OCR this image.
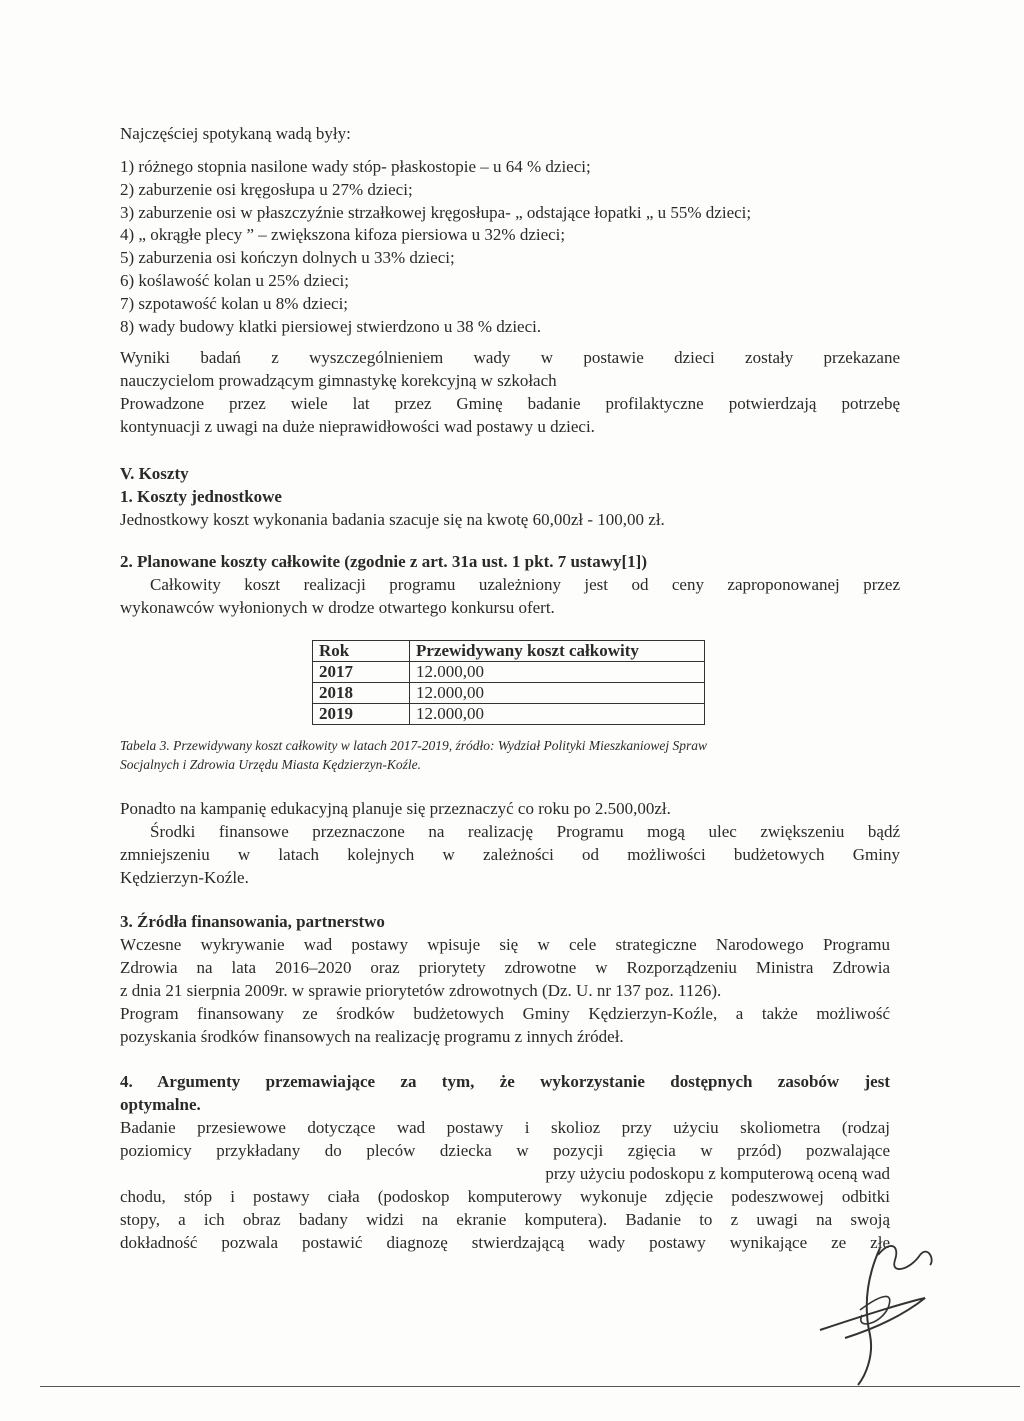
Najczęściej spotykaną wadą były:
1) różnego stopnia nasilone wady stóp- płaskostopie – u 64 % dzieci;
2) zaburzenie osi kręgosłupa u 27% dzieci;
3) zaburzenie osi w płaszczyźnie strzałkowej kręgosłupa- „ odstające łopatki „ u 55% dzieci;
4) „ okrągłe plecy ” – zwiększona kifoza piersiowa u 32% dzieci;
5) zaburzenia osi kończyn dolnych u 33% dzieci;
6) koślawość kolan u 25% dzieci;
7) szpotawość kolan u 8% dzieci;
8) wady budowy klatki piersiowej stwierdzono u 38 % dzieci.
Wyniki badań z wyszczególnieniem wady w postawie dzieci zostały przekazane
nauczycielom prowadzącym gimnastykę korekcyjną w szkołach
Prowadzone przez wiele lat przez Gminę badanie profilaktyczne potwierdzają potrzebę
kontynuacji z uwagi na duże nieprawidłowości wad postawy u dzieci.
V. Koszty
1. Koszty jednostkowe
Jednostkowy koszt wykonania badania szacuje się na kwotę 60,00zł - 100,00 zł.
2. Planowane koszty całkowite (zgodnie z art. 31a ust. 1 pkt. 7 ustawy[1])
Całkowity koszt realizacji programu uzależniony jest od ceny zaproponowanej przez
wykonawców wyłonionych w drodze otwartego konkursu ofert.
Rok	Przewidywany koszt całkowity
2017	12.000,00
2018	12.000,00
2019	12.000,00
Tabela 3. Przewidywany koszt całkowity w latach 2017-2019, źródło: Wydział Polityki Mieszkaniowej Spraw
Socjalnych i Zdrowia Urzędu Miasta Kędzierzyn-Koźle.
Ponadto na kampanię edukacyjną planuje się przeznaczyć co roku po 2.500,00zł.
Środki finansowe przeznaczone na realizację Programu mogą ulec zwiększeniu bądź
zmniejszeniu w latach kolejnych w zależności od możliwości budżetowych Gminy
Kędzierzyn-Koźle.
3. Źródła finansowania, partnerstwo
Wczesne wykrywanie wad postawy wpisuje się w cele strategiczne Narodowego Programu
Zdrowia na lata 2016–2020 oraz priorytety zdrowotne w Rozporządzeniu Ministra Zdrowia
z dnia 21 sierpnia 2009r. w sprawie priorytetów zdrowotnych (Dz. U. nr 137 poz. 1126).
Program finansowany ze środków budżetowych Gminy Kędzierzyn-Koźle, a także możliwość
pozyskania środków finansowych na realizację programu z innych źródeł.
4. Argumenty przemawiające za tym, że wykorzystanie dostępnych zasobów jest
optymalne.
Badanie przesiewowe dotyczące wad postawy i skolioz przy użyciu skoliometra (rodzaj
poziomicy przykładany do pleców dziecka w pozycji zgięcia w przód) pozwalające
przy użyciu podoskopu z komputerową oceną wad
chodu, stóp i postawy ciała (podoskop komputerowy wykonuje zdjęcie podeszwowej odbitki
stopy, a ich obraz badany widzi na ekranie komputera). Badanie to z uwagi na swoją
dokładność pozwala postawić diagnozę stwierdzającą wady postawy wynikające ze złe
